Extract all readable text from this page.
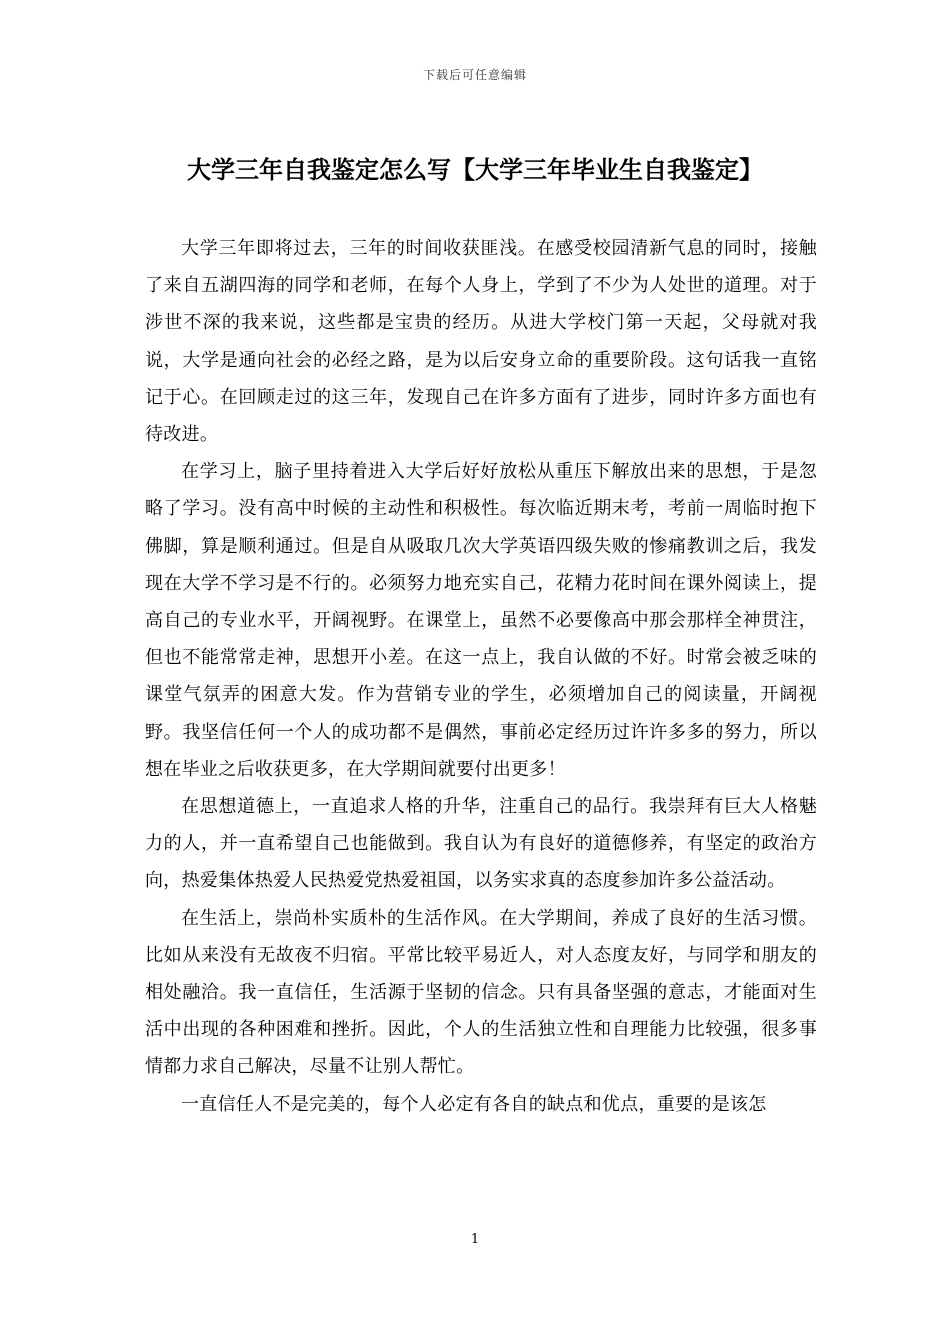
下载后可任意编辑
大学三年自我鉴定怎么写【大学三年毕业生自我鉴定】

大学三年即将过去，三年的时间收获匪浅。在感受校园清新气息的同时，接触了来自五湖四海的同学和老师，在每个人身上，学到了不少为人处世的道理。对于涉世不深的我来说，这些都是宝贵的经历。从进大学校门第一天起，父母就对我说，大学是通向社会的必经之路，是为以后安身立命的重要阶段。这句话我一直铭记于心。在回顾走过的这三年，发现自己在许多方面有了进步，同时许多方面也有待改进。

在学习上，脑子里持着进入大学后好好放松从重压下解放出来的思想，于是忽略了学习。没有高中时候的主动性和积极性。每次临近期末考，考前一周临时抱下佛脚，算是顺利通过。但是自从吸取几次大学英语四级失败的惨痛教训之后，我发现在大学不学习是不行的。必须努力地充实自己，花精力花时间在课外阅读上，提高自己的专业水平，开阔视野。在课堂上，虽然不必要像高中那会那样全神贯注，但也不能常常走神，思想开小差。在这一点上，我自认做的不好。时常会被乏味的课堂气氛弄的困意大发。作为营销专业的学生，必须增加自己的阅读量，开阔视野。我坚信任何一个人的成功都不是偶然，事前必定经历过许许多多的努力，所以想在毕业之后收获更多，在大学期间就要付出更多！

在思想道德上，一直追求人格的升华，注重自己的品行。我崇拜有巨大人格魅力的人，并一直希望自己也能做到。我自认为有良好的道德修养，有坚定的政治方向，热爱集体热爱人民热爱党热爱祖国，以务实求真的态度参加许多公益活动。

在生活上，崇尚朴实质朴的生活作风。在大学期间，养成了良好的生活习惯。比如从来没有无故夜不归宿。平常比较平易近人，对人态度友好，与同学和朋友的相处融洽。我一直信任，生活源于坚韧的信念。只有具备坚强的意志，才能面对生活中出现的各种困难和挫折。因此，个人的生活独立性和自理能力比较强，很多事情都力求自己解决，尽量不让别人帮忙。

一直信任人不是完美的，每个人必定有各自的缺点和优点，重要的是该怎

1
